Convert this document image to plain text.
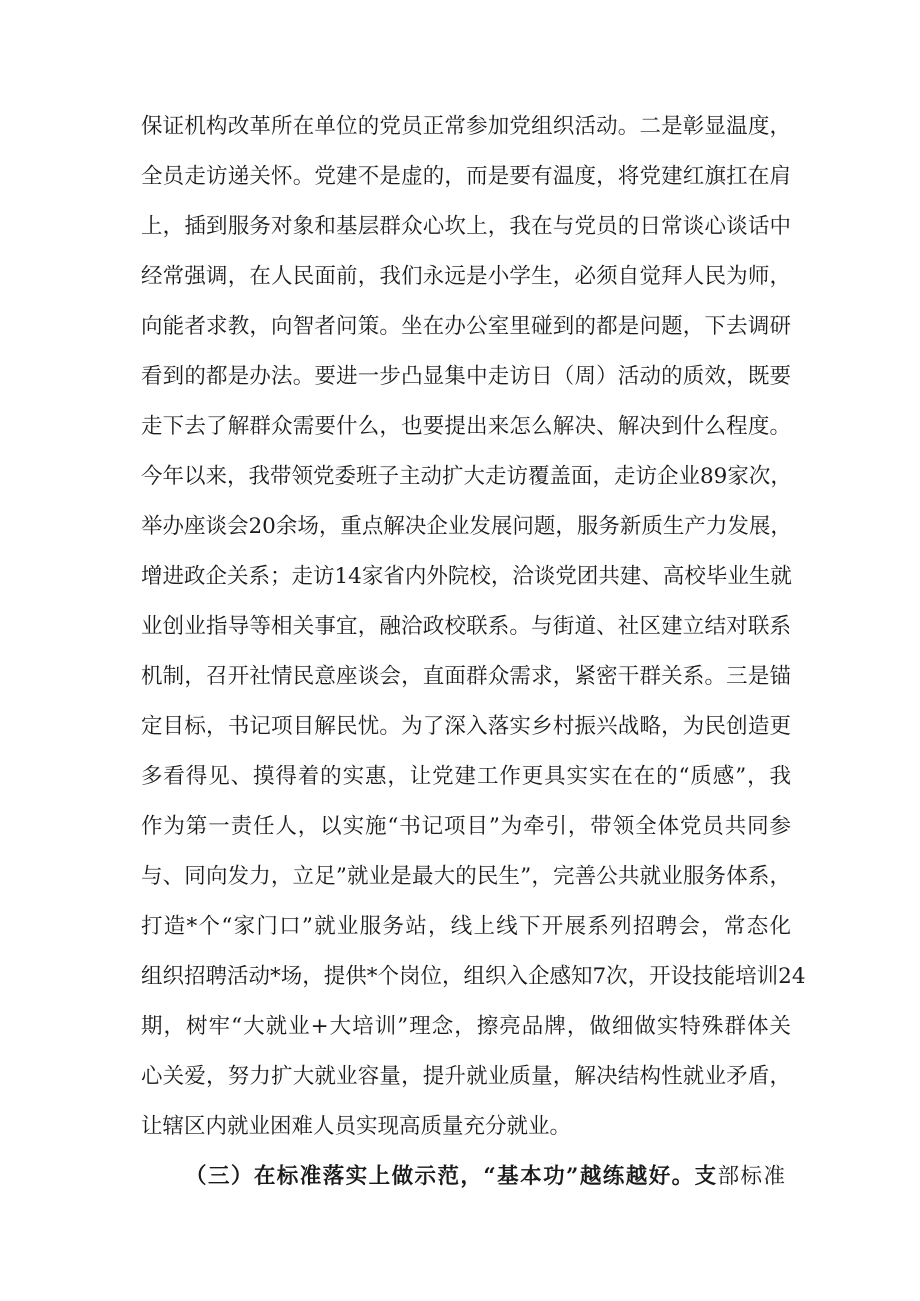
保证机构改革所在单位的党员正常参加党组织活动。二是彰显温度，
全员走访递关怀。党建不是虚的，而是要有温度，将党建红旗扛在肩
上，插到服务对象和基层群众心坎上，我在与党员的日常谈心谈话中
经常强调，在人民面前，我们永远是小学生，必须自觉拜人民为师，
向能者求教，向智者问策。坐在办公室里碰到的都是问题，下去调研
看到的都是办法。要进一步凸显集中走访日（周）活动的质效，既要
走下去了解群众需要什么，也要提出来怎么解决、解决到什么程度。
今年以来，我带领党委班子主动扩大走访覆盖面，走访企业89家次，
举办座谈会20余场，重点解决企业发展问题，服务新质生产力发展，
增进政企关系；走访14家省内外院校，洽谈党团共建、高校毕业生就
业创业指导等相关事宜，融洽政校联系。与街道、社区建立结对联系
机制，召开社情民意座谈会，直面群众需求，紧密干群关系。三是锚
定目标，书记项目解民忧。为了深入落实乡村振兴战略，为民创造更
多看得见、摸得着的实惠，让党建工作更具实实在在的“质感”，我
作为第一责任人，以实施“书记项目”为牵引，带领全体党员共同参
与、同向发力，立足”就业是最大的民生”，完善公共就业服务体系，
打造*个“家门口”就业服务站，线上线下开展系列招聘会，常态化
组织招聘活动*场，提供*个岗位，组织入企感知7次，开设技能培训24
期，树牢“大就业+大培训”理念，擦亮品牌，做细做实特殊群体关
心关爱，努力扩大就业容量，提升就业质量，解决结构性就业矛盾，
让辖区内就业困难人员实现高质量充分就业。
（三）在标准落实上做示范，“基本功”越练越好。支部标准
